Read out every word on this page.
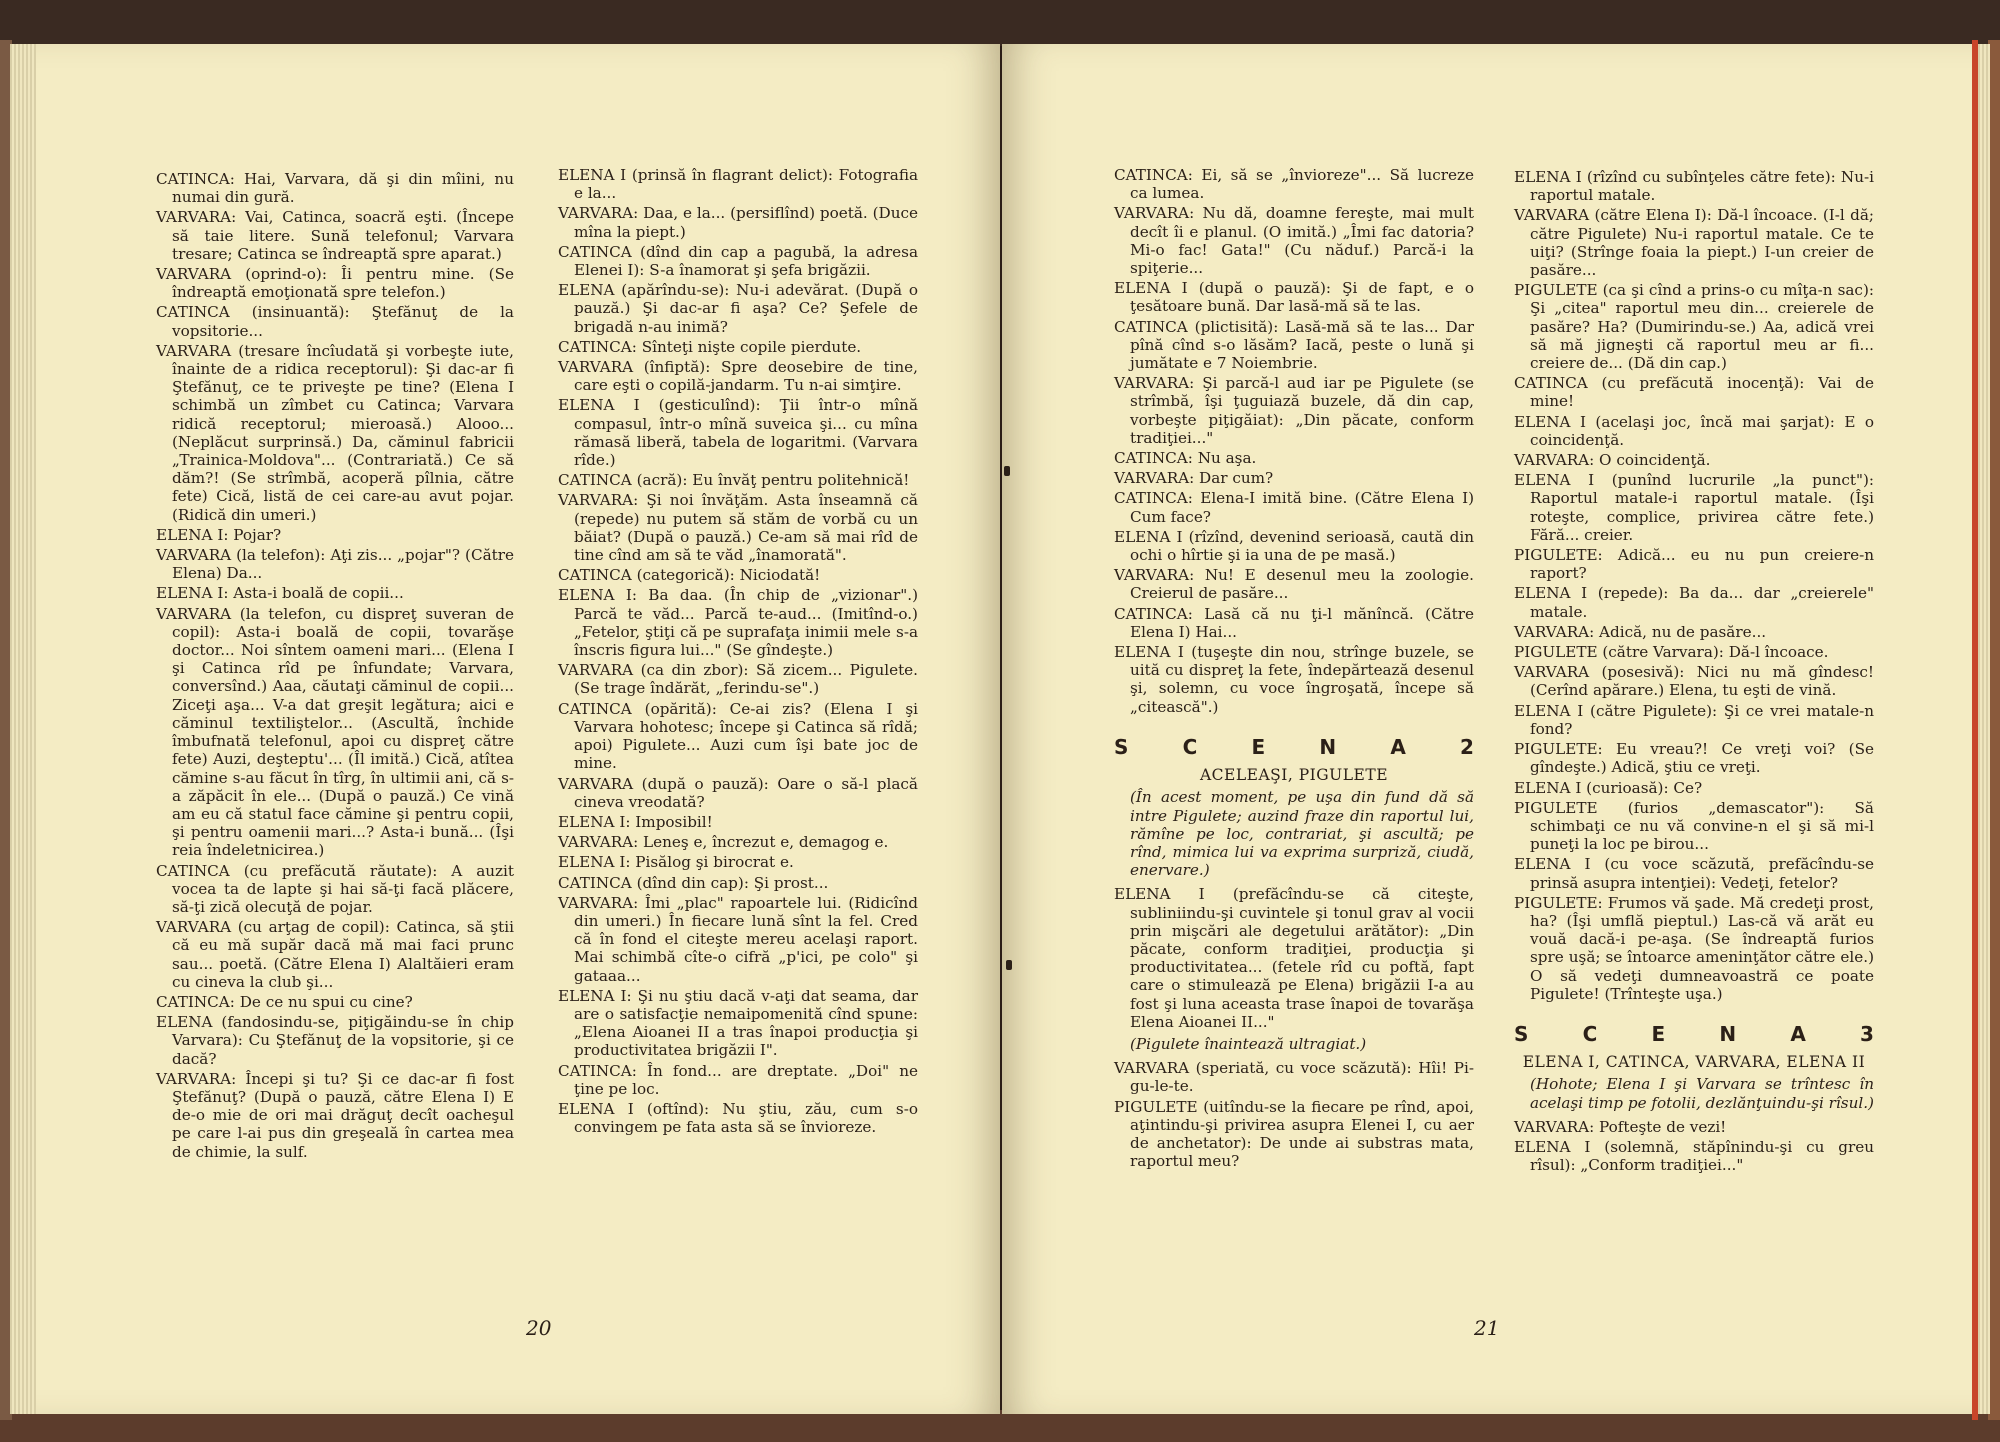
CATINCA: Hai, Varvara, dă şi din mîini, nu numai din gură.

VARVARA: Vai, Catinca, soacră eşti. (Începe să taie litere. Sună telefonul; Varvara tresare; Catinca se îndreaptă spre aparat.)

VARVARA (oprind-o): Îi pentru mine. (Se îndreaptă emoţionată spre telefon.)

CATINCA (insinuantă): Ştefănuţ de la vopsitorie...

VARVARA (tresare încîudată şi vorbeşte iute, înainte de a ridica receptorul): Şi dac-ar fi Ştefănuţ, ce te priveşte pe tine? (Elena I schimbă un zîmbet cu Catinca; Varvara ridică receptorul; mieroasă.) Alooo... (Neplăcut surprinsă.) Da, căminul fabricii „Trainica-Moldova"... (Contrariată.) Ce să dăm?! (Se strîmbă, acoperă pîlnia, către fete) Cică, listă de cei care-au avut pojar. (Ridică din umeri.)

ELENA I: Pojar?

VARVARA (la telefon): Aţi zis... „pojar"? (Către Elena) Da...

ELENA I: Asta-i boală de copii...

VARVARA (la telefon, cu dispreţ suveran de copil): Asta-i boală de copii, tovarăşe doctor... Noi sîntem oameni mari... (Elena I şi Catinca rîd pe înfundate; Varvara, conversînd.) Aaa, căutaţi căminul de copii... Ziceţi aşa... V-a dat greşit legătura; aici e căminul textiliştelor... (Ascultă, închide îmbufnată telefonul, apoi cu dispreţ către fete) Auzi, deşteptu'... (Îl imită.) Cică, atîtea cămine s-au făcut în tîrg, în ultimii ani, că s-a zăpăcit în ele... (După o pauză.) Ce vină am eu că statul face cămine şi pentru copii, şi pentru oamenii mari...? Asta-i bună... (Îşi reia îndeletnicirea.)

CATINCA (cu prefăcută răutate): A auzit vocea ta de lapte şi hai să-ţi facă plăcere, să-ţi zică olecuţă de pojar.

VARVARA (cu arţag de copil): Catinca, să ştii că eu mă supăr dacă mă mai faci prunc sau... poetă. (Către Elena I) Alaltăieri eram cu cineva la club şi...

CATINCA: De ce nu spui cu cine?

ELENA (fandosindu-se, piţigăindu-se în chip Varvara): Cu Ştefănuţ de la vopsitorie, şi ce dacă?

VARVARA: Începi şi tu? Şi ce dac-ar fi fost Ştefănuţ? (După o pauză, către Elena I) E de-o mie de ori mai drăguţ decît oacheşul pe care l-ai pus din greşeală în cartea mea de chimie, la sulf.

ELENA I (prinsă în flagrant delict): Fotografia e la...

VARVARA: Daa, e la... (persiflînd) poetă. (Duce mîna la piept.)

CATINCA (dînd din cap a pagubă, la adresa Elenei I): S-a înamorat şi şefa brigăzii.

ELENA (apărîndu-se): Nu-i adevărat. (După o pauză.) Şi dac-ar fi aşa? Ce? Şefele de brigadă n-au inimă?

CATINCA: Sînteţi nişte copile pierdute.

VARVARA (înfiptă): Spre deosebire de tine, care eşti o copilă-jandarm. Tu n-ai simţire.

ELENA I (gesticulînd): Ţii într-o mînă compasul, într-o mînă suveica şi... cu mîna rămasă liberă, tabela de logaritmi. (Varvara rîde.)

CATINCA (acră): Eu învăţ pentru politehnică!

VARVARA: Şi noi învăţăm. Asta înseamnă că (repede) nu putem să stăm de vorbă cu un băiat? (După o pauză.) Ce-am să mai rîd de tine cînd am să te văd „înamorată".

CATINCA (categorică): Niciodată!

ELENA I: Ba daa. (În chip de „vizionar".) Parcă te văd... Parcă te-aud... (Imitînd-o.) „Fetelor, ştiţi că pe suprafaţa inimii mele s-a înscris figura lui..." (Se gîndeşte.)

VARVARA (ca din zbor): Să zicem... Pigulete. (Se trage îndărăt, „ferindu-se".)

CATINCA (opărită): Ce-ai zis? (Elena I şi Varvara hohotesc; începe şi Catinca să rîdă; apoi) Pigulete... Auzi cum îşi bate joc de mine.

VARVARA (după o pauză): Oare o să-l placă cineva vreodată?

ELENA I: Imposibil!

VARVARA: Leneş e, încrezut e, demagog e.

ELENA I: Pisălog şi birocrat e.

CATINCA (dînd din cap): Şi prost...

VARVARA: Îmi „plac" rapoartele lui. (Ridicînd din umeri.) În fiecare lună sînt la fel. Cred că în fond el citeşte mereu acelaşi raport. Mai schimbă cîte-o cifră „p'ici, pe colo" şi gataaa...

ELENA I: Şi nu ştiu dacă v-aţi dat seama, dar are o satisfacţie nemaipomenită cînd spune: „Elena Aioanei II a tras înapoi producţia şi productivitatea brigăzii I".

CATINCA: În fond... are dreptate. „Doi" ne ţine pe loc.

ELENA I (oftînd): Nu ştiu, zău, cum s-o convingem pe fata asta să se înviorеze.

20

CATINCA: Ei, să se „înviorеze"... Să lucreze ca lumea.

VARVARA: Nu dă, doamne fereşte, mai mult decît îi e planul. (O imită.) „Îmi fac datoria? Mi-o fac! Gata!" (Cu năduf.) Parcă-i la spiţerie...

ELENA I (după o pauză): Şi de fapt, e o ţesătoare bună. Dar lasă-mă să te las.

CATINCA (plictisită): Lasă-mă să te las... Dar pînă cînd s-o lăsăm? Iacă, peste o lună şi jumătate e 7 Noiembrie.

VARVARA: Şi parcă-l aud iar pe Pigulete (se strîmbă, îşi ţuguiază buzele, dă din cap, vorbeşte piţigăiat): „Din păcate, conform tradiţiei..."

CATINCA: Nu aşa.

VARVARA: Dar cum?

CATINCA: Elena-I imită bine. (Către Elena I) Cum face?

ELENA I (rîzînd, devenind serioasă, caută din ochi o hîrtie şi ia una de pe masă.)

VARVARA: Nu! E desenul meu la zoologie. Creierul de pasăre...

CATINCA: Lasă că nu ţi-l mănîncă. (Către Elena I) Hai...

ELENA I (tuşeşte din nou, strînge buzele, se uită cu dispreţ la fete, îndepărtează desenul şi, solemn, cu voce îngroşată, începe să „citească".)

S	C	E	N	A	2

ACELEAŞI, PIGULETE

(În acest moment, pe uşa din fund dă să intre Pigulete; auzind fraze din raportul lui, rămîne pe loc, contrariat, şi ascultă; pe rînd, mimica lui va exprima surpriză, ciudă, enervare.)

ELENA I (prefăcîndu-se că citeşte, subliniindu-şi cuvintele şi tonul grav al vocii prin mişcări ale degetului arătător): „Din păcate, conform tradiţiei, producţia şi productivitatea... (fetele rîd cu poftă, fapt care o stimulează pe Elena) brigăzii I-a au fost şi luna aceasta trase înapoi de tovarăşa Elena Aioanei II..."

(Pigulete înaintează ultragiat.)

VARVARA (speriată, cu voce scăzută): Hîi! Pi-gu-le-te.

PIGULETE (uitîndu-se la fiecare pe rînd, apoi, aţintindu-şi privirea asupra Elenei I, cu aer de anchetator): De unde ai substras mata, raportul meu?

ELENA I (rîzînd cu subînţeles către fete): Nu-i raportul matale.

VARVARA (către Elena I): Dă-l încoace. (I-l dă; către Pigulete) Nu-i raportul matale. Ce te uiţi? (Strînge foaia la piept.) I-un creier de pasăre...

PIGULETE (ca şi cînd a prins-o cu mîţa-n sac): Şi „citea" raportul meu din... creierele de pasăre? Ha? (Dumirindu-se.) Aa, adică vrei să mă jigneşti că raportul meu ar fi... creiere de... (Dă din cap.)

CATINCA (cu prefăcută inocenţă): Vai de mine!

ELENA I (acelaşi joc, încă mai şarjat): E o coincidenţă.

VARVARA: O coincidenţă.

ELENA I (punînd lucrurile „la punct"): Raportul matale-i raportul matale. (Îşi roteşte, complice, privirea către fete.) Fără... creier.

PIGULETE: Adică... eu nu pun creiere-n raport?

ELENA I (repede): Ba da... dar „creierele" matale.

VARVARA: Adică, nu de pasăre...

PIGULETE (către Varvara): Dă-l încoace.

VARVARA (posesivă): Nici nu mă gîndesc! (Cerînd apărare.) Elena, tu eşti de vină.

ELENA I (către Pigulete): Şi ce vrei matale-n fond?

PIGULETE: Eu vreau?! Ce vreţi voi? (Se gîndeşte.) Adică, ştiu ce vreţi.

ELENA I (curioasă): Ce?

PIGULETE (furios „demascator"): Să schimbaţi ce nu vă convine-n el şi să mi-l puneţi la loc pe birou...

ELENA I (cu voce scăzută, prefăcîndu-se prinsă asupra intenţiei): Vedeţi, fetelor?

PIGULETE: Frumos vă şade. Mă credeţi prost, ha? (Îşi umflă pieptul.) Las-că vă arăt eu vouă dacă-i pe-aşa. (Se îndreaptă furios spre uşă; se întoarce ameninţător către ele.) O să vedeţi dumneavoastră ce poate Pigulete! (Trînteşte uşa.)

S	C	E	N	A	3

ELENA I, CATINCA, VARVARA, ELENA II

(Hohote; Elena I şi Varvara se trîntesc în acelaşi timp pe fotolii, dezlănţuindu-şi rîsul.)

VARVARA: Pofteşte de vezi!

ELENA I (solemnă, stăpînindu-şi cu greu rîsul): „Conform tradiţiei..."

21
